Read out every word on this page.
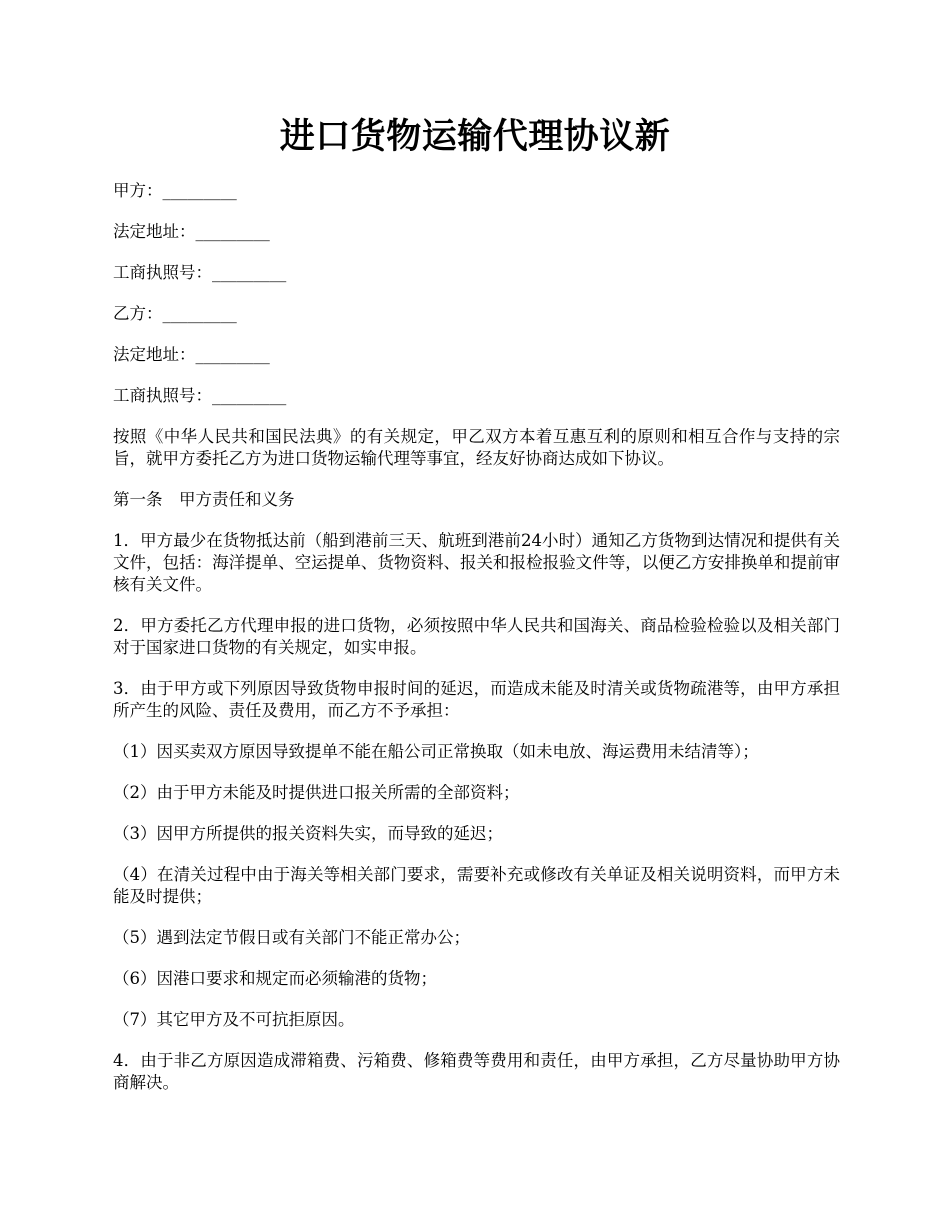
进口货物运输代理协议新

甲方：_________

法定地址：_________

工商执照号：_________

乙方：_________

法定地址：_________

工商执照号：_________

按照《中华人民共和国民法典》的有关规定，甲乙双方本着互惠互利的原则和相互合作与支持的宗旨，就甲方委托乙方为进口货物运输代理等事宜，经友好协商达成如下协议。

第一条　甲方责任和义务

1．甲方最少在货物抵达前（船到港前三天、航班到港前24小时）通知乙方货物到达情况和提供有关文件，包括：海洋提单、空运提单、货物资料、报关和报检报验文件等，以便乙方安排换单和提前审核有关文件。

2．甲方委托乙方代理申报的进口货物，必须按照中华人民共和国海关、商品检验检验以及相关部门对于国家进口货物的有关规定，如实申报。

3．由于甲方或下列原因导致货物申报时间的延迟，而造成未能及时清关或货物疏港等，由甲方承担所产生的风险、责任及费用，而乙方不予承担：

（1）因买卖双方原因导致提单不能在船公司正常换取（如未电放、海运费用未结清等）；

（2）由于甲方未能及时提供进口报关所需的全部资料；

（3）因甲方所提供的报关资料失实，而导致的延迟；

（4）在清关过程中由于海关等相关部门要求，需要补充或修改有关单证及相关说明资料，而甲方未能及时提供；

（5）遇到法定节假日或有关部门不能正常办公；

（6）因港口要求和规定而必须输港的货物；

（7）其它甲方及不可抗拒原因。

4．由于非乙方原因造成滞箱费、污箱费、修箱费等费用和责任，由甲方承担，乙方尽量协助甲方协商解决。
